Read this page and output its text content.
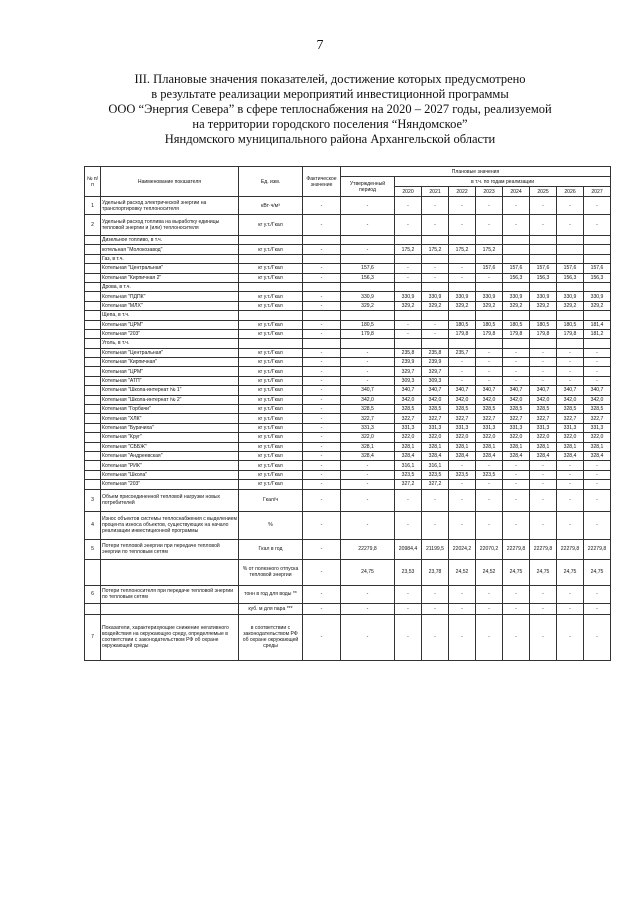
7
III. Плановые значения показателей, достижение которых предусмотрено
в результате реализации мероприятий инвестиционной программы
ООО “Энергия Севера” в сфере теплоснабжения на 2020 – 2027 годы, реализуемой
на территории городского поселения “Няндомское”
Няндомского муниципального района Архангельской области
№ п/п	Наименование показателя	Ед. изм.	Фактическое значение	Плановые значения								
				Утвержденный период	в т.ч. по годам реализации							
					2020	2021	2022	2023	2024	2025	2026	2027
1	Удельный расход электрической энергии на транспортировку теплоносителя	кВт·ч/м³	-	-	-	-	-	-	-	-	-	-
2	Удельный расход топлива на выработку единицы тепловой энергии и (или) теплоносителя	кг у.т./Гкал	-	-	-	-	-	-	-	-	-	-
	Дизельное топливо, в т.ч.											
	котельная "Молокозавод"	кг у.т./Гкал	-	-	175,2	175,2	175,2	175,2				
	Газ, в т.ч.											
	Котельная "Центральная"	кг у.т./Гкал	-	157,6	-	-	-	157,6	157,6	157,6	157,6	157,6
	Котельная "Кирпичная 2"	кг у.т./Гкал	-	156,3	-	-	-	-	156,3	156,3	156,3	156,3
	Дрова, в т.ч.											
	Котельная "ПДПК"	кг у.т./Гкал	-	330,9	330,9	330,9	330,9	330,9	330,9	330,9	330,9	330,9
	Котельная "МЛХ"	кг у.т./Гкал	-	329,2	329,2	329,2	329,2	329,2	329,2	329,2	329,2	329,2
	Щепа, в т.ч.											
	Котельная "ЦРМ"	кг у.т./Гкал	-	180,5	-	-	180,5	180,5	180,5	180,5	180,5	181,4
	Котельная "203"	кг у.т./Гкал	-	179,8	-	-	179,8	179,8	179,8	179,8	179,8	181,2
	Уголь, в т.ч.											
	Котельная "Центральная"	кг у.т./Гкал	-	-	235,8	235,8	235,7	-	-	-	-	-
	Котельная "Кирпичная"	кг у.т./Гкал	-	-	239,9	239,9	-	-	-	-	-	-
	Котельная "ЦРМ"	кг у.т./Гкал	-	-	329,7	329,7	-	-	-	-	-	-
	Котельная "АТП"	кг у.т./Гкал	-	-	309,3	309,3	-	-	-	-	-	-
	Котельная "Школа-интернат № 1"	кг у.т./Гкал	-	340,7	340,7	340,7	340,7	340,7	340,7	340,7	340,7	340,7
	Котельная "Школа-интернат № 2"	кг у.т./Гкал	-	342,0	342,0	342,0	342,0	342,0	342,0	342,0	342,0	342,0
	Котельная "Горбачи"	кг у.т./Гкал	-	328,5	328,5	328,5	328,5	328,5	328,5	328,5	328,5	328,5
	Котельная "ХЛК"	кг у.т./Гкал	-	322,7	322,7	322,7	322,7	322,7	322,7	322,7	322,7	322,7
	Котельная "Бурачиха"	кг у.т./Гкал	-	331,3	331,3	331,3	331,3	331,3	331,3	331,3	331,3	331,3
	Котельная "Круг"	кг у.т./Гкал	-	322,0	322,0	322,0	322,0	322,0	322,0	322,0	322,0	322,0
	Котельная "СББЖ"	кг у.т./Гкал	-	328,1	328,1	328,1	328,1	328,1	328,1	328,1	328,1	328,1
	Котельная "Андреевская"	кг у.т./Гкал	-	328,4	328,4	328,4	328,4	328,4	328,4	328,4	328,4	328,4
	Котельная "РИК"	кг у.т./Гкал	-	-	316,1	316,1	-	-	-	-	-	-
	Котельная "Школа"	кг у.т./Гкал	-	-	323,5	323,5	323,5	323,5	-	-	-	-
	Котельная "203"	кг у.т./Гкал	-	-	327,2	327,2	-	-	-	-	-	-
3	Объем присоединенной тепловой нагрузки новых потребителей	Гкал/ч	-	-	-	-	-	-	-	-	-	-
4	Износ объектов системы теплоснабжения с выделением процента износа объектов, существующих на начало реализации инвестиционной программы	%	-	-	-	-	-	-	-	-	-	-
5	Потери тепловой энергии при передаче тепловой энергии по тепловым сетям	Гкал в год	-	22279,8	20984,4	21199,5	22024,2	22070,2	22279,8	22279,8	22279,8	22279,8
		% от полезного отпуска тепловой энергии	-	24,75	23,53	23,78	24,52	24,52	24,75	24,75	24,75	24,75
6	Потери теплоносителя при передаче тепловой энергии по тепловым сетям	тонн в год для воды **	-	-	-	-	-	-	-	-	-	-
		куб. м для пара ***	-	-	-	-	-	-	-	-	-	-
7	Показатели, характеризующие снижение негативного воздействия на окружающую среду, определяемые в соответствии с законодательством РФ об охране окружающей среды	в соответствии с законодательством РФ об охране окружающей среды	-	-	-	-	-	-	-	-	-	-
